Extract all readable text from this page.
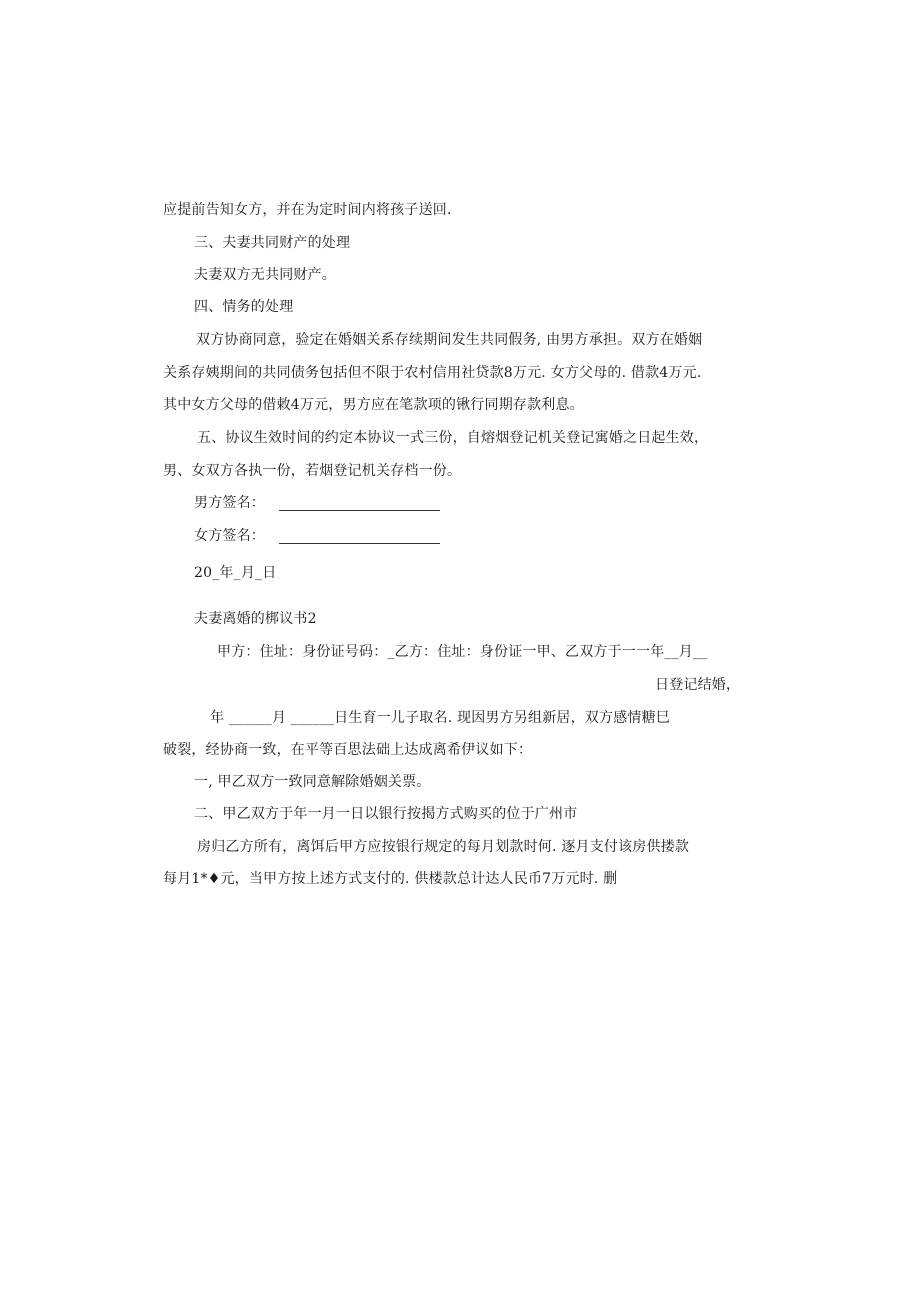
应提前告知女方，并在为定时间内将孩子送回.
三、夫妻共同财产的处理
夫妻双方无共同财产。
四、情务的处理
双方协商同意，验定在婚姻关系存续期间发生共同假务, 由男方承担。双方在婚姻
关系存姨期间的共同债务包括但不限于农村信用社贷款8万元. 女方父母的. 借款4万元.
其中女方父母的借敕4万元，男方应在笔款项的锹行同期存款利息。
五、协议生效时间的约定本协议一式三份，自熔烟登记机关登记寓婚之日起生效，
男、女双方各执一份，若烟登记机关存档一份。
男方签名：
女方签名：
20_年_月_日
夫妻离婚的梆议书2
甲方：住址：身份证号码：_乙方：住址：身份证一甲、乙双方于一一年__月__
日登记结婚，
年 ______月 ______日生育一儿子取名. 现因男方另组新居，双方感情糖巳
破裂，经协商一致，在平等百思法础上达成离希伊议如下：
一, 甲乙双方一致同意解除婚姻关票。
二、甲乙双方于年一月一日以银行按揭方式购买的位于广州市
房归乙方所有，离饵后甲方应按银行规定的每月划款时何. 逐月支付该房供搂款
每月1*♦元，当甲方按上述方式支付的. 供楼款总计达人民币7万元时. 删
